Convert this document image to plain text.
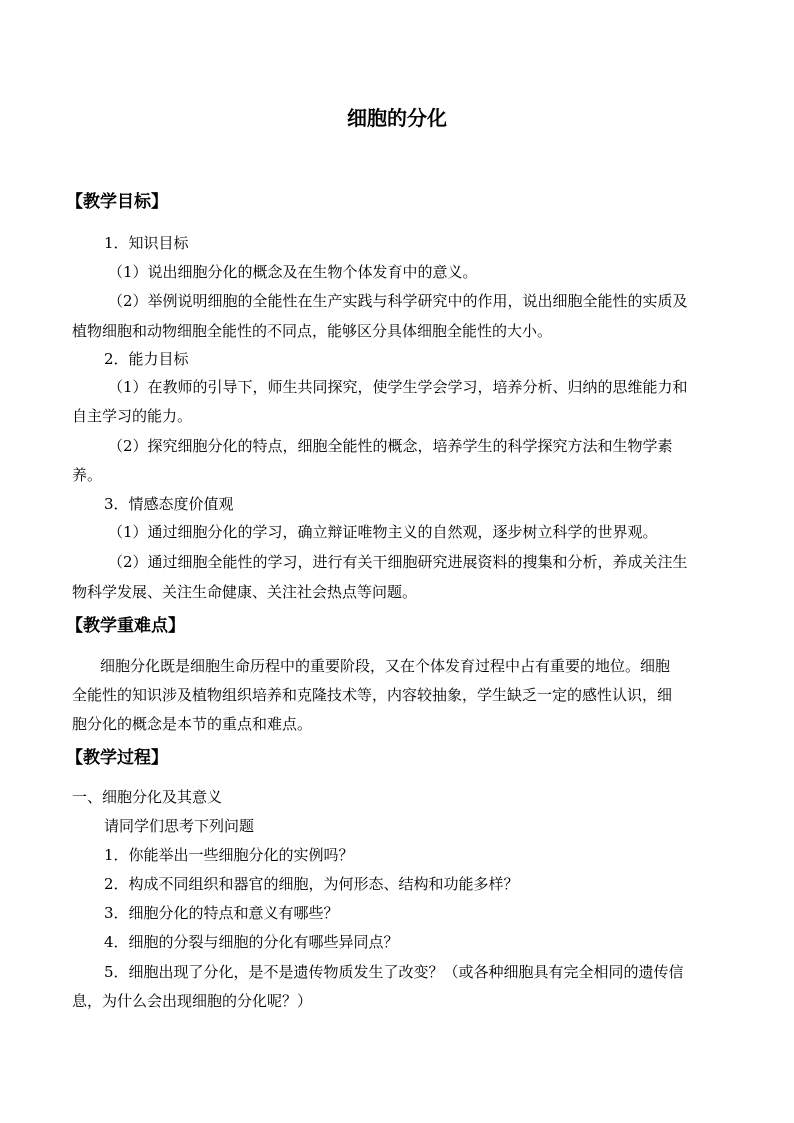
细胞的分化
【教学目标】
1．知识目标
（1）说出细胞分化的概念及在生物个体发育中的意义。
（2）举例说明细胞的全能性在生产实践与科学研究中的作用，说出细胞全能性的实质及
植物细胞和动物细胞全能性的不同点，能够区分具体细胞全能性的大小。
2．能力目标
（1）在教师的引导下，师生共同探究，使学生学会学习，培养分析、归纳的思维能力和
自主学习的能力。
（2）探究细胞分化的特点，细胞全能性的概念，培养学生的科学探究方法和生物学素
养。
3．情感态度价值观
（1）通过细胞分化的学习，确立辩证唯物主义的自然观，逐步树立科学的世界观。
（2）通过细胞全能性的学习，进行有关干细胞研究进展资料的搜集和分析，养成关注生
物科学发展、关注生命健康、关注社会热点等问题。
【教学重难点】
细胞分化既是细胞生命历程中的重要阶段，又在个体发育过程中占有重要的地位。细胞
全能性的知识涉及植物组织培养和克隆技术等，内容较抽象，学生缺乏一定的感性认识，细
胞分化的概念是本节的重点和难点。
【教学过程】
一、细胞分化及其意义
请同学们思考下列问题
1．你能举出一些细胞分化的实例吗？
2．构成不同组织和器官的细胞，为何形态、结构和功能多样？
3．细胞分化的特点和意义有哪些？
4．细胞的分裂与细胞的分化有哪些异同点？
5．细胞出现了分化，是不是遗传物质发生了改变？（或各种细胞具有完全相同的遗传信
息，为什么会出现细胞的分化呢？）
